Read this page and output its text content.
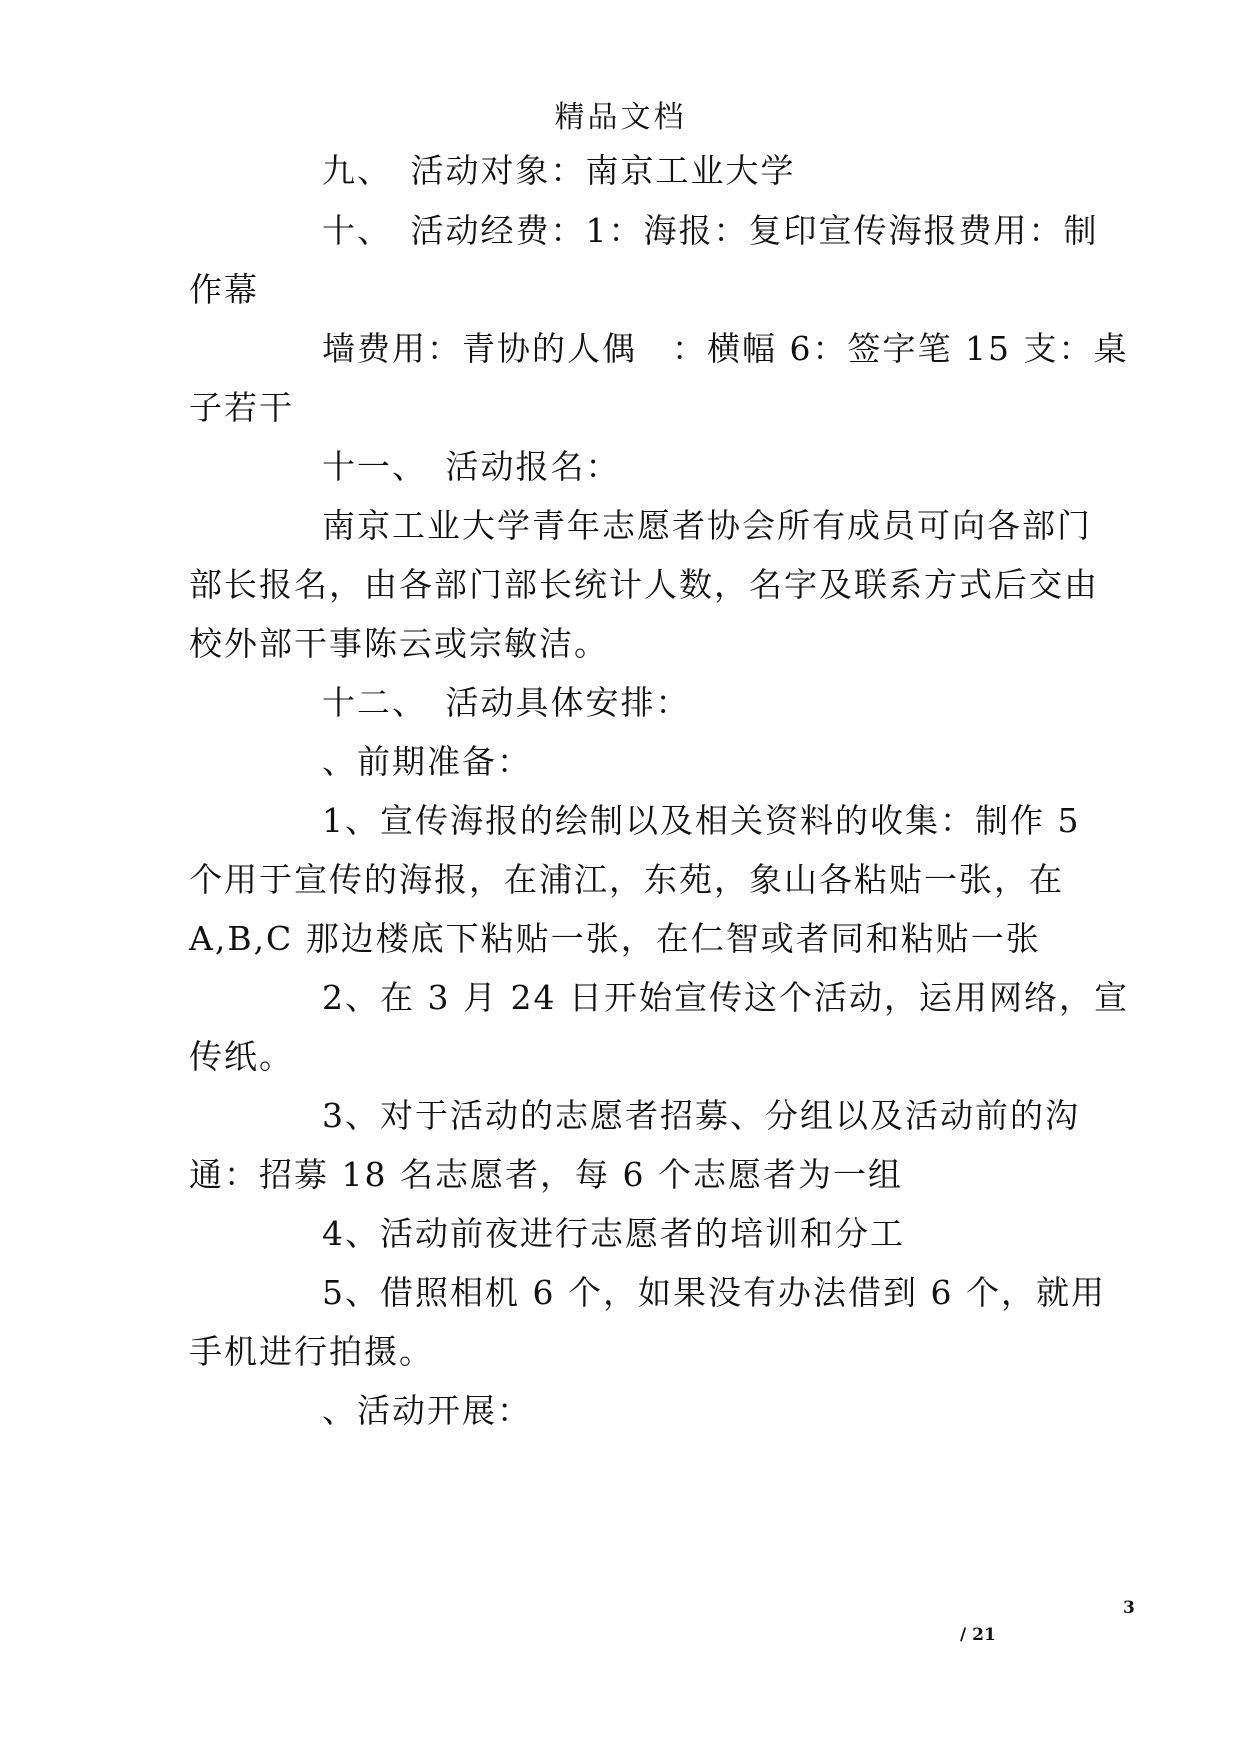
精品文档
九、　活动对象：南京工业大学
十、　活动经费：1：海报：复印宣传海报费用：制
作幕
墙费用：青协的人偶　：横幅 6：签字笔 15 支：桌
子若干
十一、　活动报名：
南京工业大学青年志愿者协会所有成员可向各部门
部长报名，由各部门部长统计人数，名字及联系方式后交由
校外部干事陈云或宗敏洁。
十二、　活动具体安排：
、前期准备：
1、宣传海报的绘制以及相关资料的收集：制作 5
个用于宣传的海报，在浦江，东苑，象山各粘贴一张，在
A,B,C 那边楼底下粘贴一张，在仁智或者同和粘贴一张
2、在 3 月 24 日开始宣传这个活动，运用网络，宣
传纸。
3、对于活动的志愿者招募、分组以及活动前的沟
通：招募 18 名志愿者，每 6 个志愿者为一组
4、活动前夜进行志愿者的培训和分工
5、借照相机 6 个，如果没有办法借到 6 个，就用
手机进行拍摄。
、活动开展：
3
/ 21
